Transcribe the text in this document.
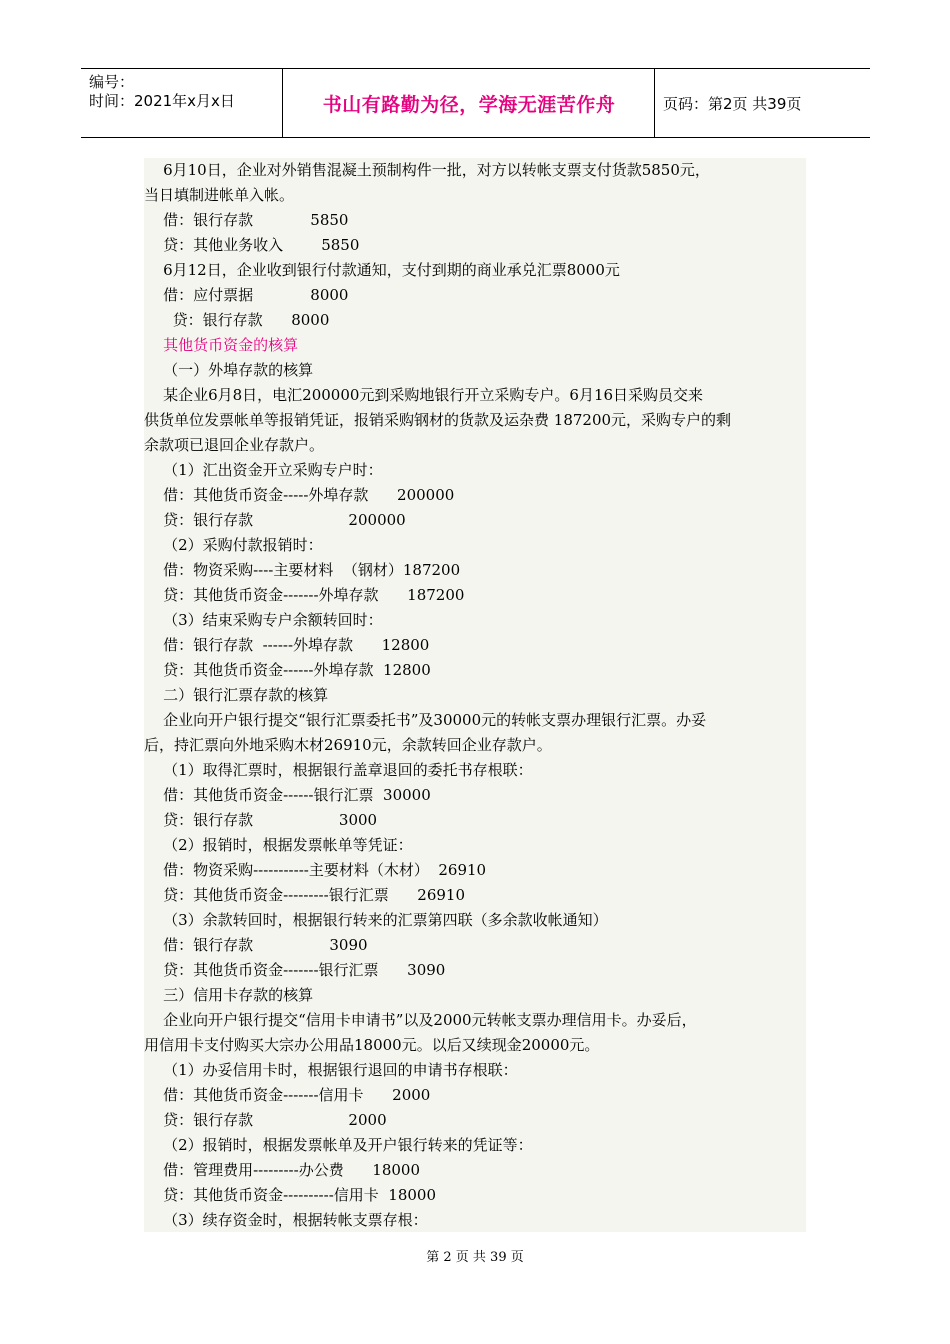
编号：
时间：2021年x月x日	书山有路勤为径，学海无涯苦作舟	页码：第2页 共39页
6月10日，企业对外销售混凝土预制构件一批，对方以转帐支票支付货款5850元，
当日填制进帐单入帐。
借：银行存款            5850
贷：其他业务收入        5850
6月12日，企业收到银行付款通知，支付到期的商业承兑汇票8000元
借：应付票据            8000
贷：银行存款      8000
其他货币资金的核算
（一）外埠存款的核算
某企业6月8日，电汇200000元到采购地银行开立采购专户。6月16日采购员交来
供货单位发票帐单等报销凭证，报销采购钢材的货款及运杂费 187200元，采购专户的剩
余款项已退回企业存款户。
（1）汇出资金开立采购专户时：
借：其他货币资金-----外埠存款      200000
贷：银行存款                    200000
（2）采购付款报销时：
借：物资采购----主要材料  （钢材）187200
贷：其他货币资金-------外埠存款      187200
（3）结束采购专户余额转回时：
借：银行存款  ------外埠存款      12800
贷：其他货币资金------外埠存款  12800
二）银行汇票存款的核算
企业向开户银行提交“银行汇票委托书”及30000元的转帐支票办理银行汇票。办妥
后，持汇票向外地采购木材26910元，余款转回企业存款户。
（1）取得汇票时，根据银行盖章退回的委托书存根联：
借：其他货币资金------银行汇票  30000
贷：银行存款                  3000
（2）报销时，根据发票帐单等凭证：
借：物资采购-----------主要材料（木材）  26910
贷：其他货币资金---------银行汇票      26910
（3）余款转回时，根据银行转来的汇票第四联（多余款收帐通知）
借：银行存款                3090
贷：其他货币资金-------银行汇票      3090
三）信用卡存款的核算
企业向开户银行提交“信用卡申请书”以及2000元转帐支票办理信用卡。办妥后，
用信用卡支付购买大宗办公用品18000元。以后又续现金20000元。
（1）办妥信用卡时，根据银行退回的申请书存根联：
借：其他货币资金-------信用卡      2000
贷：银行存款                    2000
（2）报销时，根据发票帐单及开户银行转来的凭证等：
借：管理费用---------办公费      18000
贷：其他货币资金----------信用卡  18000
（3）续存资金时，根据转帐支票存根：
第 2 页 共 39 页
